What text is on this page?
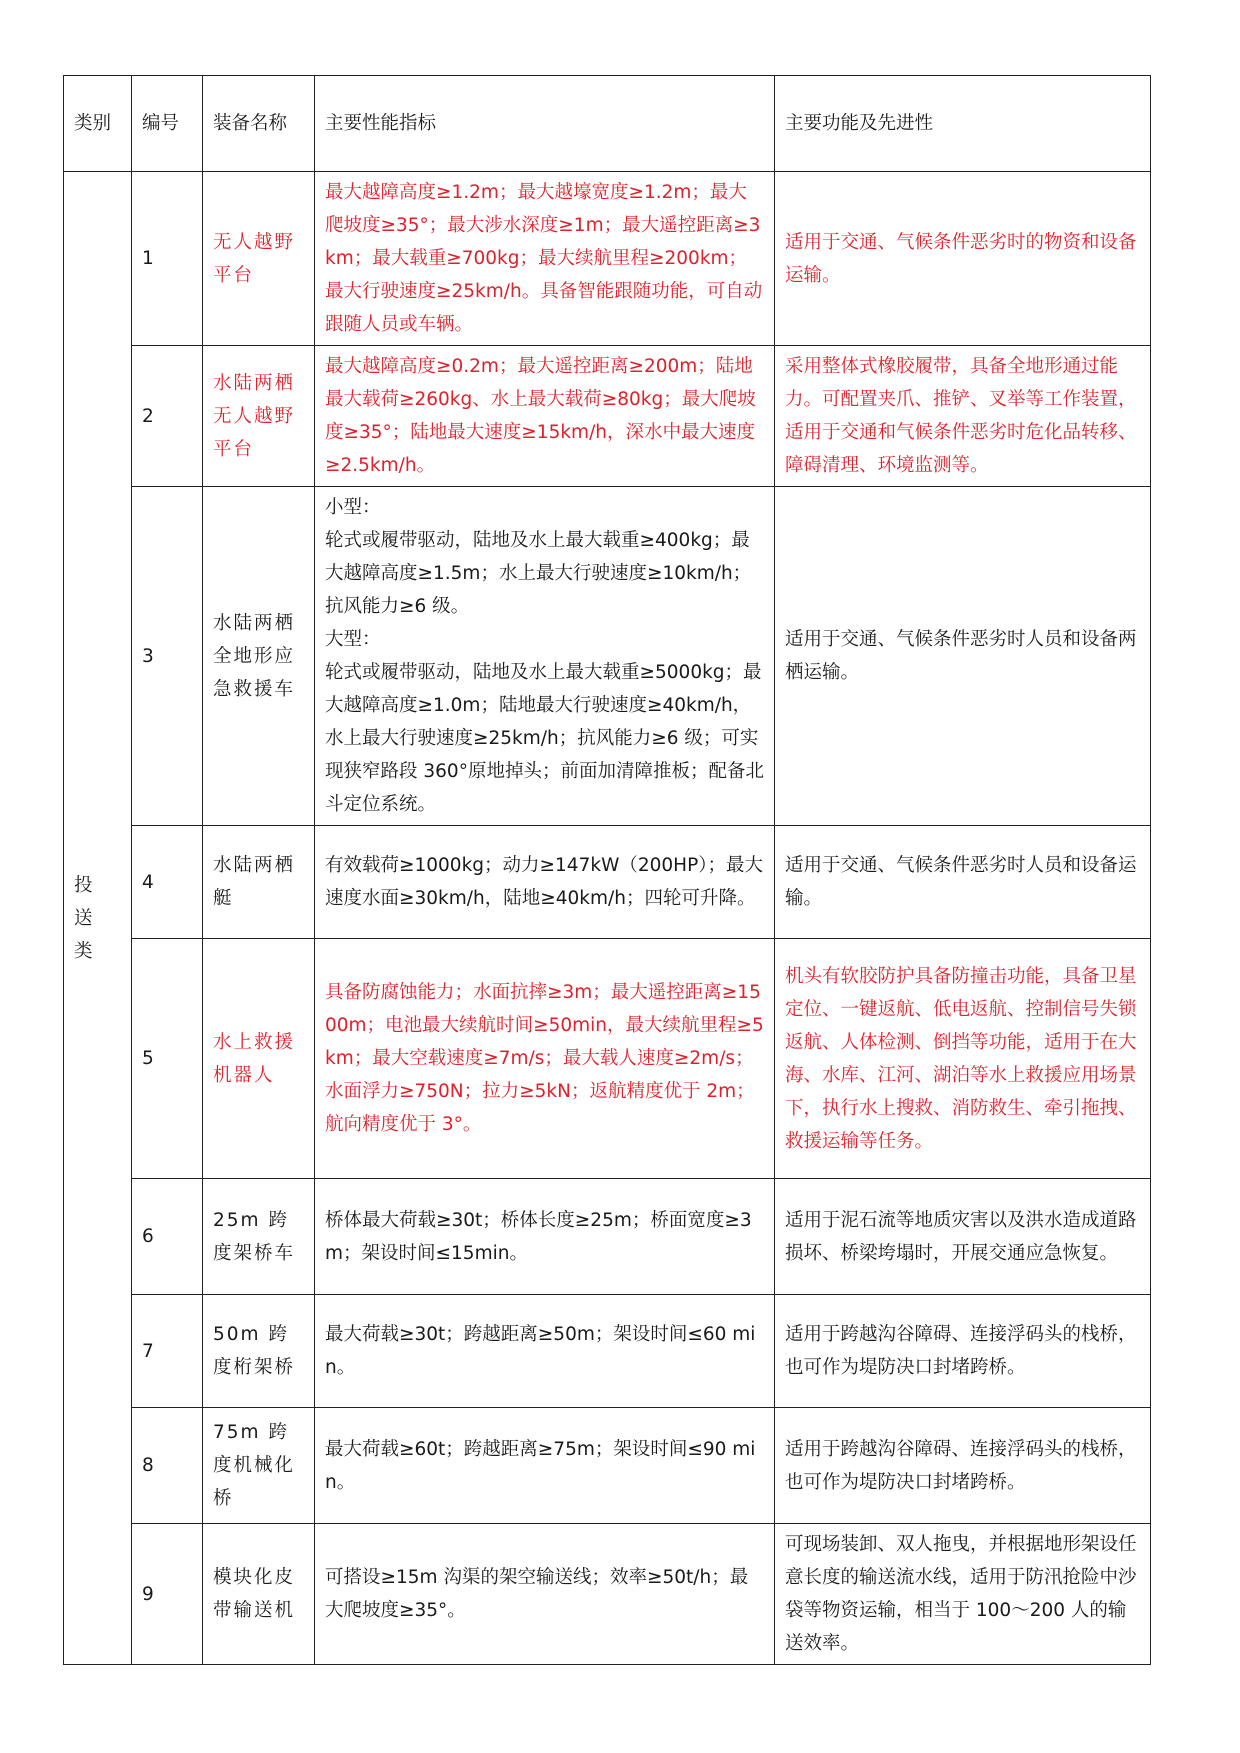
类别	编号	装备名称	主要性能指标	主要功能及先进性
投送类	1	无人越野平台	最大越障高度≥1.2m；最大越壕宽度≥1.2m；最大爬坡度≥35°；最大涉水深度≥1m；最大遥控距离≥3km；最大载重≥700kg；最大续航里程≥200km；最大行驶速度≥25km/h。具备智能跟随功能，可自动跟随人员或车辆。	适用于交通、气候条件恶劣时的物资和设备运输。
	2	水陆两栖无人越野平台	最大越障高度≥0.2m；最大遥控距离≥200m；陆地最大载荷≥260kg、水上最大载荷≥80kg；最大爬坡度≥35°；陆地最大速度≥15km/h，深水中最大速度≥2.5km/h。	采用整体式橡胶履带，具备全地形通过能力。可配置夹爪、推铲、叉举等工作装置，适用于交通和气候条件恶劣时危化品转移、障碍清理、环境监测等。
	3	水陆两栖全地形应急救援车	小型：
轮式或履带驱动，陆地及水上最大载重≥400kg；最大越障高度≥1.5m；水上最大行驶速度≥10km/h；抗风能力≥6 级。
大型：
轮式或履带驱动，陆地及水上最大载重≥5000kg；最大越障高度≥1.0m；陆地最大行驶速度≥40km/h，水上最大行驶速度≥25km/h；抗风能力≥6 级；可实现狭窄路段 360°原地掉头；前面加清障推板；配备北斗定位系统。	适用于交通、气候条件恶劣时人员和设备两栖运输。
	4	水陆两栖艇	有效载荷≥1000kg；动力≥147kW（200HP）；最大速度水面≥30km/h，陆地≥40km/h；四轮可升降。	适用于交通、气候条件恶劣时人员和设备运输。
	5	水上救援机器人	具备防腐蚀能力；水面抗摔≥3m；最大遥控距离≥1500m；电池最大续航时间≥50min，最大续航里程≥5km；最大空载速度≥7m/s；最大载人速度≥2m/s；水面浮力≥750N；拉力≥5kN；返航精度优于 2m；航向精度优于 3°。	机头有软胶防护具备防撞击功能，具备卫星定位、一键返航、低电返航、控制信号失锁返航、人体检测、倒挡等功能，适用于在大海、水库、江河、湖泊等水上救援应用场景下，执行水上搜救、消防救生、牵引拖拽、救援运输等任务。
	6	25m 跨度架桥车	桥体最大荷载≥30t；桥体长度≥25m；桥面宽度≥3m；架设时间≤15min。	适用于泥石流等地质灾害以及洪水造成道路损坏、桥梁垮塌时，开展交通应急恢复。
	7	50m 跨度桁架桥	最大荷载≥30t；跨越距离≥50m；架设时间≤60 min。	适用于跨越沟谷障碍、连接浮码头的栈桥，也可作为堤防决口封堵跨桥。
	8	75m 跨度机械化桥	最大荷载≥60t；跨越距离≥75m；架设时间≤90 min。	适用于跨越沟谷障碍、连接浮码头的栈桥，也可作为堤防决口封堵跨桥。
	9	模块化皮带输送机	可搭设≥15m 沟渠的架空输送线；效率≥50t/h；最大爬坡度≥35°。	可现场装卸、双人拖曳，并根据地形架设任意长度的输送流水线，适用于防汛抢险中沙袋等物资运输，相当于 100～200 人的输送效率。
